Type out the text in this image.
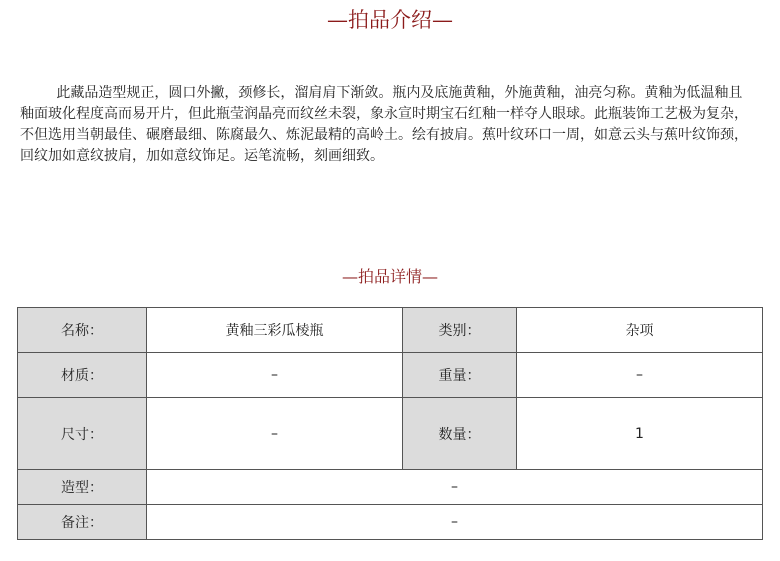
—拍品介绍—

此藏品造型规正，圆口外撇，颈修长，溜肩肩下渐敛。瓶内及底施黄釉，外施黄釉，油亮匀称。黄釉为低温釉且釉面玻化程度高而易开片，但此瓶莹润晶亮而纹丝未裂，象永宣时期宝石红釉一样夺人眼球。此瓶装饰工艺极为复杂，不但选用当朝最佳、碾磨最细、陈腐最久、炼泥最精的高岭土。绘有披肩。蕉叶纹环口一周，如意云头与蕉叶纹饰颈，回纹加如意纹披肩，加如意纹饰足。运笔流畅，刻画细致。

—拍品详情—
名称：	黄釉三彩瓜棱瓶	类别：	杂项
材质：	–	重量：	–
尺寸：	–	数量：	1
造型：	–		
备注：	–		
